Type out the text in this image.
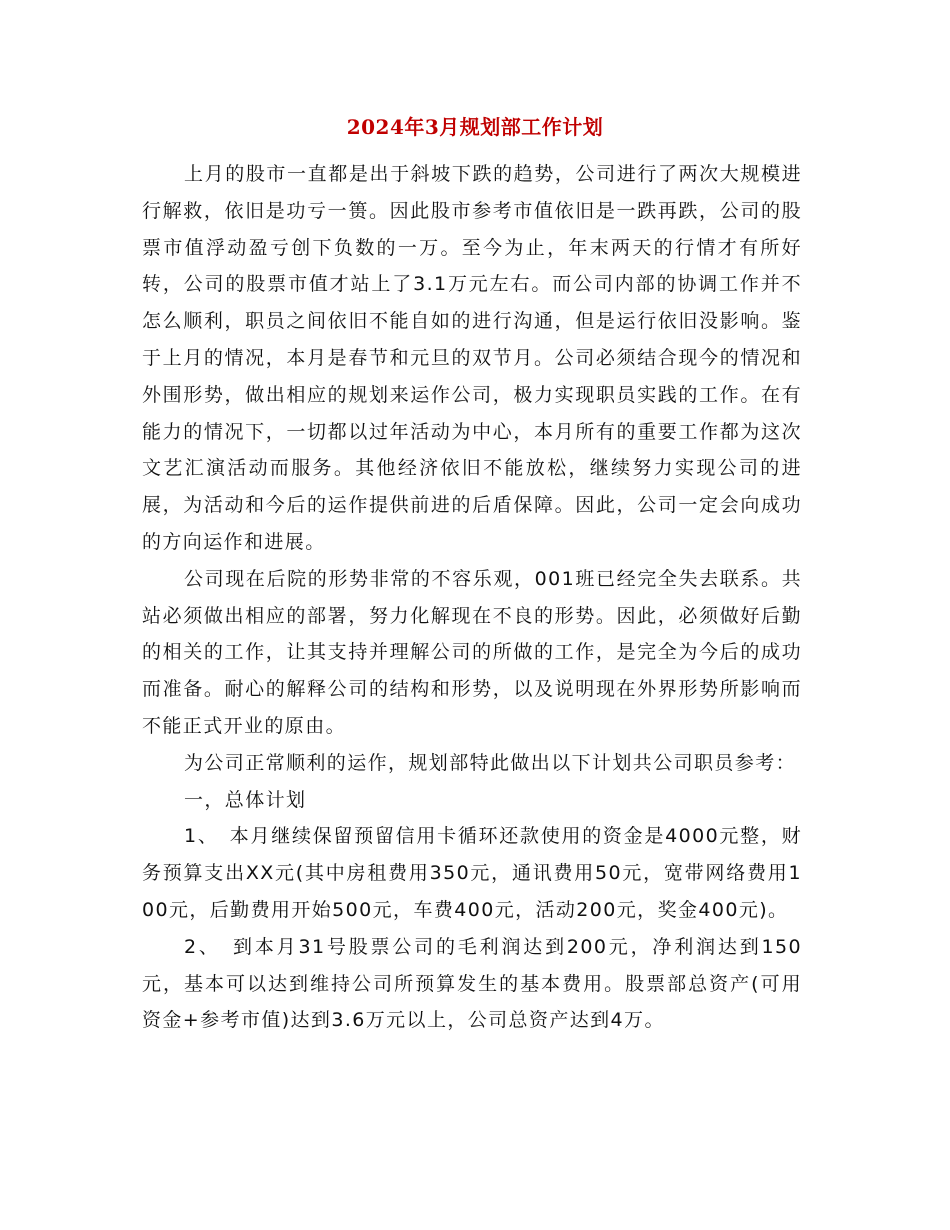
2024年3月规划部工作计划

上月的股市一直都是出于斜坡下跌的趋势，公司进行了两次大规模进行解救，依旧是功亏一篑。因此股市参考市值依旧是一跌再跌，公司的股票市值浮动盈亏创下负数的一万。至今为止，年末两天的行情才有所好转，公司的股票市值才站上了3.1万元左右。而公司内部的协调工作并不怎么顺利，职员之间依旧不能自如的进行沟通，但是运行依旧没影响。鉴于上月的情况，本月是春节和元旦的双节月。公司必须结合现今的情况和外围形势，做出相应的规划来运作公司，极力实现职员实践的工作。在有能力的情况下，一切都以过年活动为中心，本月所有的重要工作都为这次文艺汇演活动而服务。其他经济依旧不能放松，继续努力实现公司的进展，为活动和今后的运作提供前进的后盾保障。因此，公司一定会向成功的方向运作和进展。

公司现在后院的形势非常的不容乐观，001班已经完全失去联系。共站必须做出相应的部署，努力化解现在不良的形势。因此，必须做好后勤的相关的工作，让其支持并理解公司的所做的工作，是完全为今后的成功而准备。耐心的解释公司的结构和形势，以及说明现在外界形势所影响而不能正式开业的原由。

为公司正常顺利的运作，规划部特此做出以下计划共公司职员参考：

一，总体计划

1、　本月继续保留预留信用卡循环还款使用的资金是4000元整，财务预算支出XX元(其中房租费用350元，通讯费用50元，宽带网络费用100元，后勤费用开始500元，车费400元，活动200元，奖金400元)。

2、　到本月31号股票公司的毛利润达到200元，净利润达到150元，基本可以达到维持公司所预算发生的基本费用。股票部总资产(可用资金+参考市值)达到3.6万元以上，公司总资产达到4万。
